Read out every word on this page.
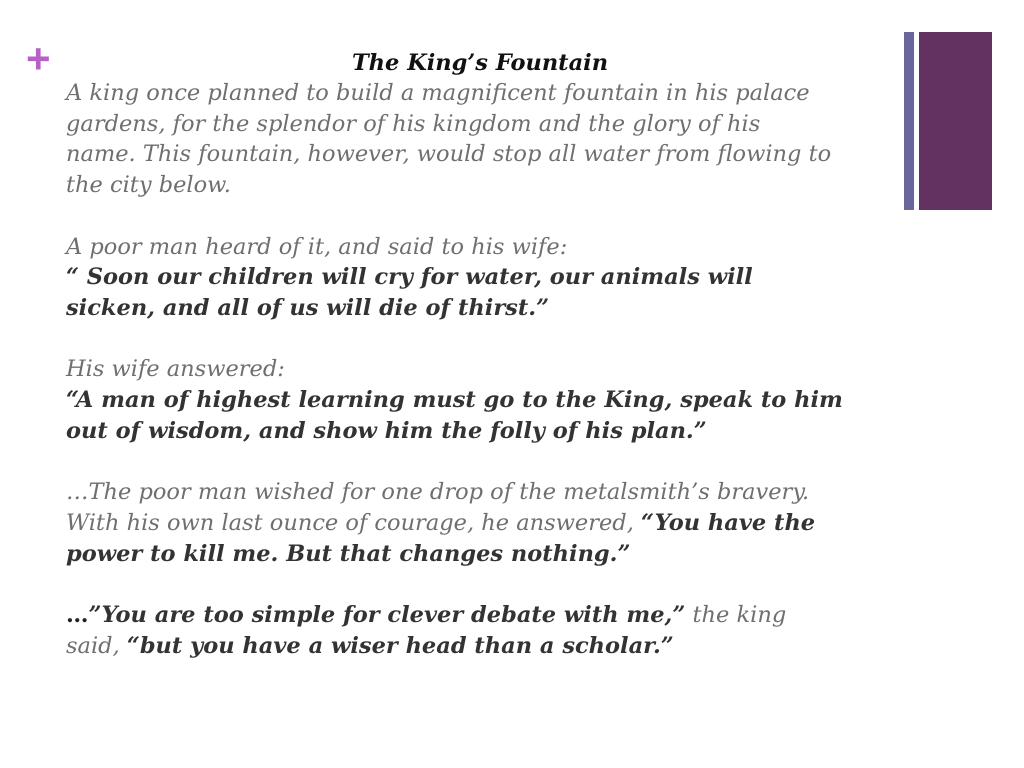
+	The King’s Fountain

A king once planned to build a magnificent fountain in his palace

gardens, for the splendor of his kingdom and the glory of his

name. This fountain, however, would stop all water from flowing to

the city below.

A poor man heard of it, and said to his wife:

“ Soon our children will cry for water, our animals will

sicken, and all of us will die of thirst.”

His wife answered:

“A man of highest learning must go to the King, speak to him

out of wisdom, and show him the folly of his plan.”

…The poor man wished for one drop of the metalsmith’s bravery.

With his own last ounce of courage, he answered, “You have the

power to kill me. But that changes nothing.”

…”You are too simple for clever debate with me,” the king

said, “but you have a wiser head than a scholar.”
